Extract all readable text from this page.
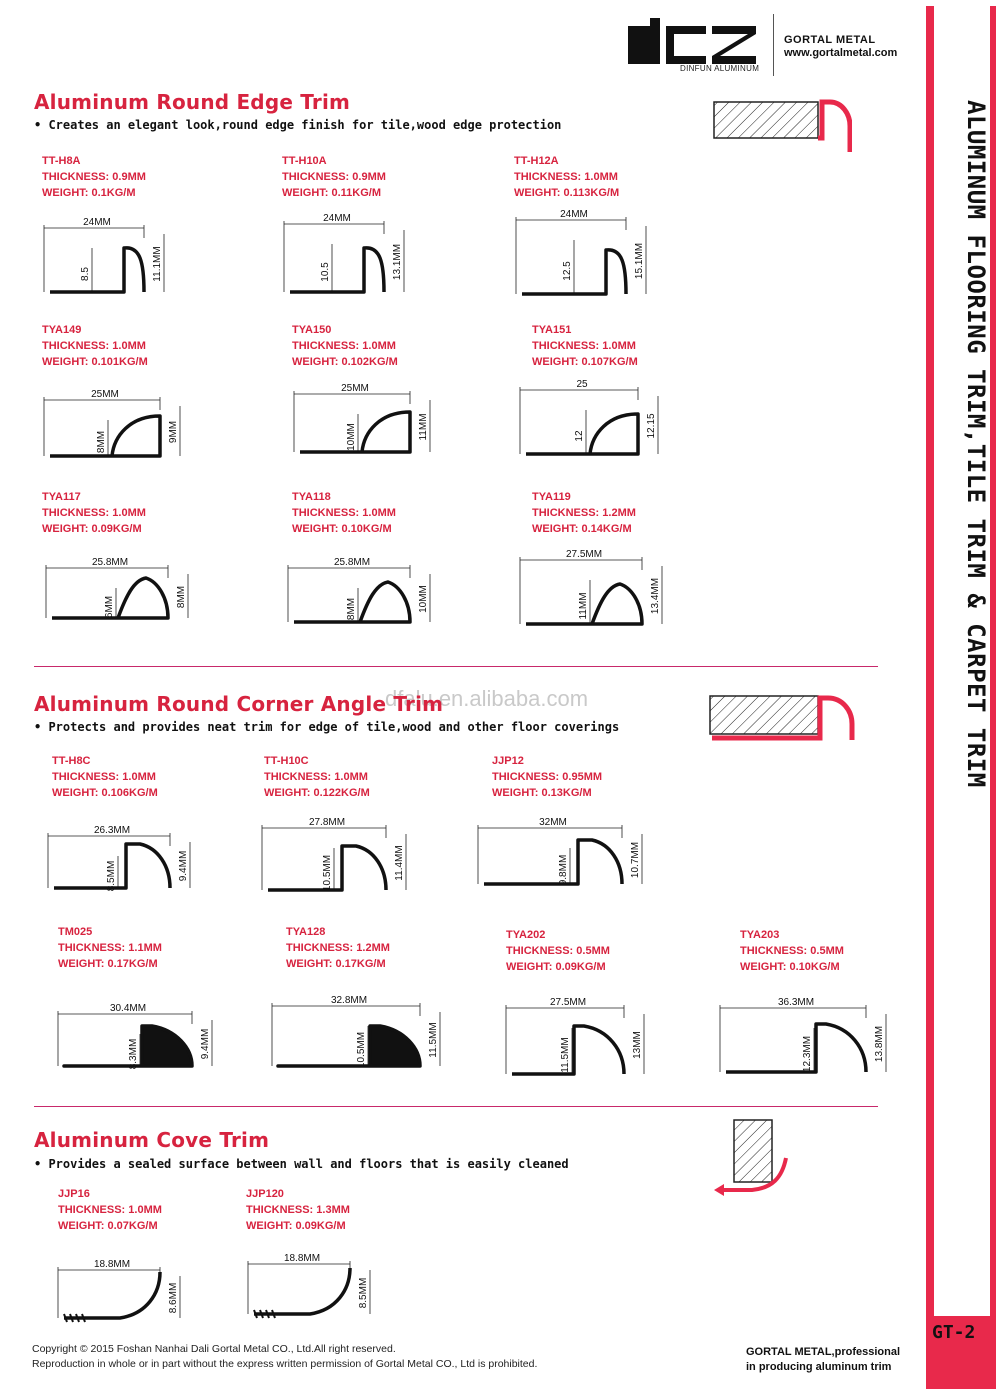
DINFUN ALUMINUM
GORTAL METAL
www.gortalmetal.com
ALUMINUM FLOORING TRIM,TILE TRIM & CARPET TRIM
GT-2
dfalu.en.alibaba.com
Aluminum Round Edge Trim
• Creates an elegant look,round edge finish for tile,wood edge protection
Aluminum Round Corner Angle Trim
• Protects and provides neat trim for edge of tile,wood and other floor coverings
Aluminum Cove Trim
• Provides a sealed surface between wall and floors that is easily cleaned
TT-H8A
THICKNESS: 0.9MM
WEIGHT: 0.1KG/M
24MM
11.1MM
8.5
TT-H10A
THICKNESS: 0.9MM
WEIGHT: 0.11KG/M
24MM
13.1MM
10.5
TT-H12A
THICKNESS: 1.0MM
WEIGHT: 0.113KG/M
24MM
15.1MM
12.5
TYA149
THICKNESS: 1.0MM
WEIGHT: 0.101KG/M
25MM
9MM
8MM
TYA150
THICKNESS: 1.0MM
WEIGHT: 0.102KG/M
25MM
11MM
10MM
TYA151
THICKNESS: 1.0MM
WEIGHT: 0.107KG/M
25
12.15
12
TYA117
THICKNESS: 1.0MM
WEIGHT: 0.09KG/M
25.8MM
8MM
6MM
TYA118
THICKNESS: 1.0MM
WEIGHT: 0.10KG/M
25.8MM
10MM
8MM
TYA119
THICKNESS: 1.2MM
WEIGHT: 0.14KG/M
27.5MM
13.4MM
11MM
TT-H8C
THICKNESS: 1.0MM
WEIGHT: 0.106KG/M
26.3MM
9.4MM
8.5MM
TT-H10C
THICKNESS: 1.0MM
WEIGHT: 0.122KG/M
27.8MM
11.4MM
10.5MM
JJP12
THICKNESS: 0.95MM
WEIGHT: 0.13KG/M
32MM
10.7MM
9.8MM
TM025
THICKNESS: 1.1MM
WEIGHT: 0.17KG/M
30.4MM
9.4MM
8.3MM
TYA128
THICKNESS: 1.2MM
WEIGHT: 0.17KG/M
32.8MM
11.5MM
10.5MM
TYA202
THICKNESS: 0.5MM
WEIGHT: 0.09KG/M
27.5MM
13MM
11.5MM
TYA203
THICKNESS: 0.5MM
WEIGHT: 0.10KG/M
36.3MM
13.8MM
12.3MM
JJP16
THICKNESS: 1.0MM
WEIGHT: 0.07KG/M
18.8MM
8.6MM
JJP120
THICKNESS: 1.3MM
WEIGHT: 0.09KG/M
18.8MM
8.5MM
Copyright © 2015 Foshan Nanhai Dali Gortal Metal CO., Ltd.All right reserved.
Reproduction in whole or in part without the express written permission of Gortal Metal CO., Ltd is prohibited.
GORTAL METAL,professional
in producing aluminum trim
